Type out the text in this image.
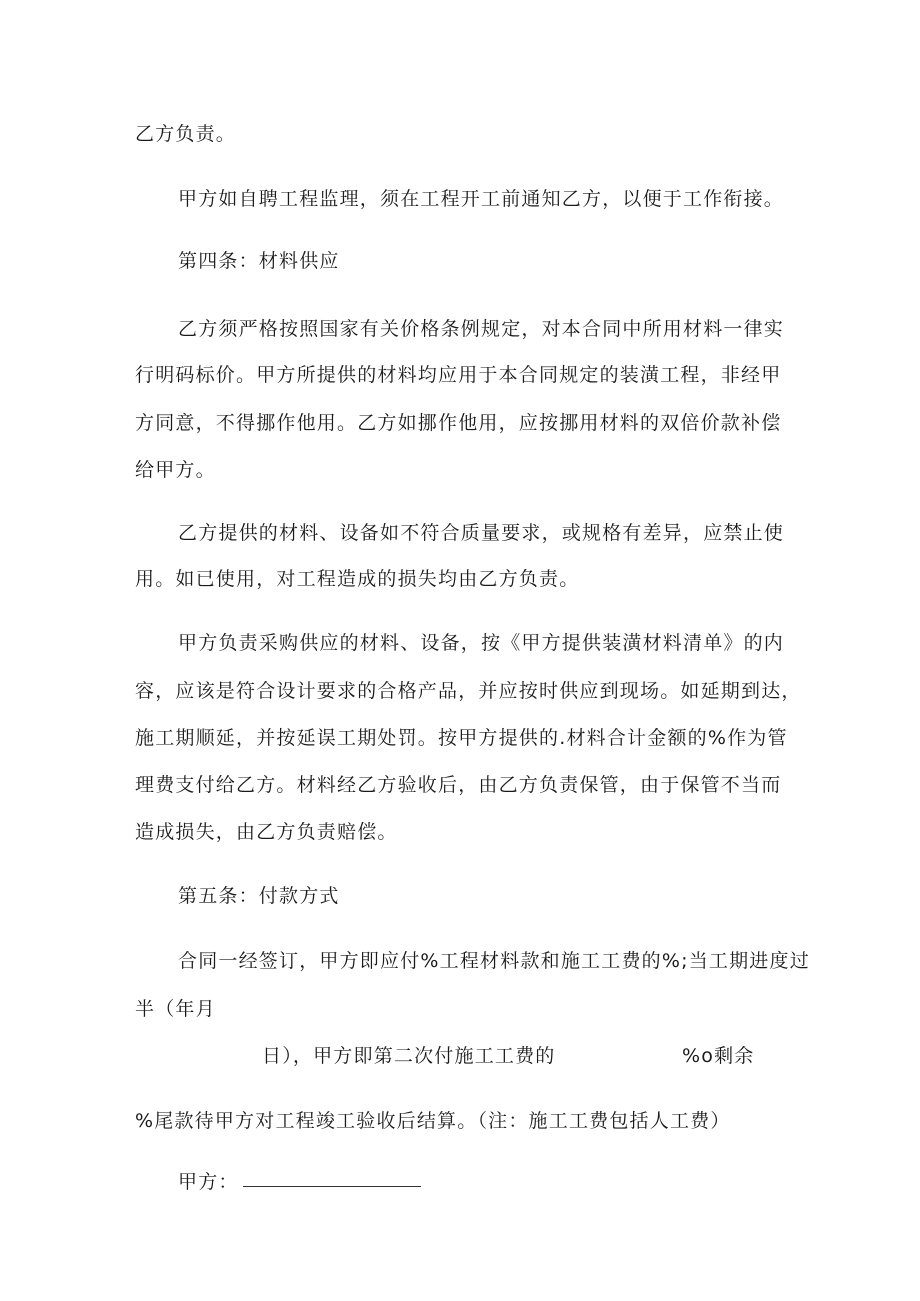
乙方负责。
甲方如自聘工程监理，须在工程开工前通知乙方，以便于工作衔接。
第四条：材料供应
乙方须严格按照国家有关价格条例规定，对本合同中所用材料一律实
行明码标价。甲方所提供的材料均应用于本合同规定的装潢工程，非经甲
方同意，不得挪作他用。乙方如挪作他用，应按挪用材料的双倍价款补偿
给甲方。
乙方提供的材料、设备如不符合质量要求，或规格有差异，应禁止使
用。如已使用，对工程造成的损失均由乙方负责。
甲方负责采购供应的材料、设备，按《甲方提供装潢材料清单》的内
容，应该是符合设计要求的合格产品，并应按时供应到现场。如延期到达，
施工期顺延，并按延误工期处罚。按甲方提供的.材料合计金额的%作为管
理费支付给乙方。材料经乙方验收后，由乙方负责保管，由于保管不当而
造成损失，由乙方负责赔偿。
第五条：付款方式
合同一经签订，甲方即应付%工程材料款和施工工费的%;当工期进度过
半（年月
日），甲方即第二次付施工工费的	%o剩余
%尾款待甲方对工程竣工验收后结算。（注：施工工费包括人工费）
甲方：
